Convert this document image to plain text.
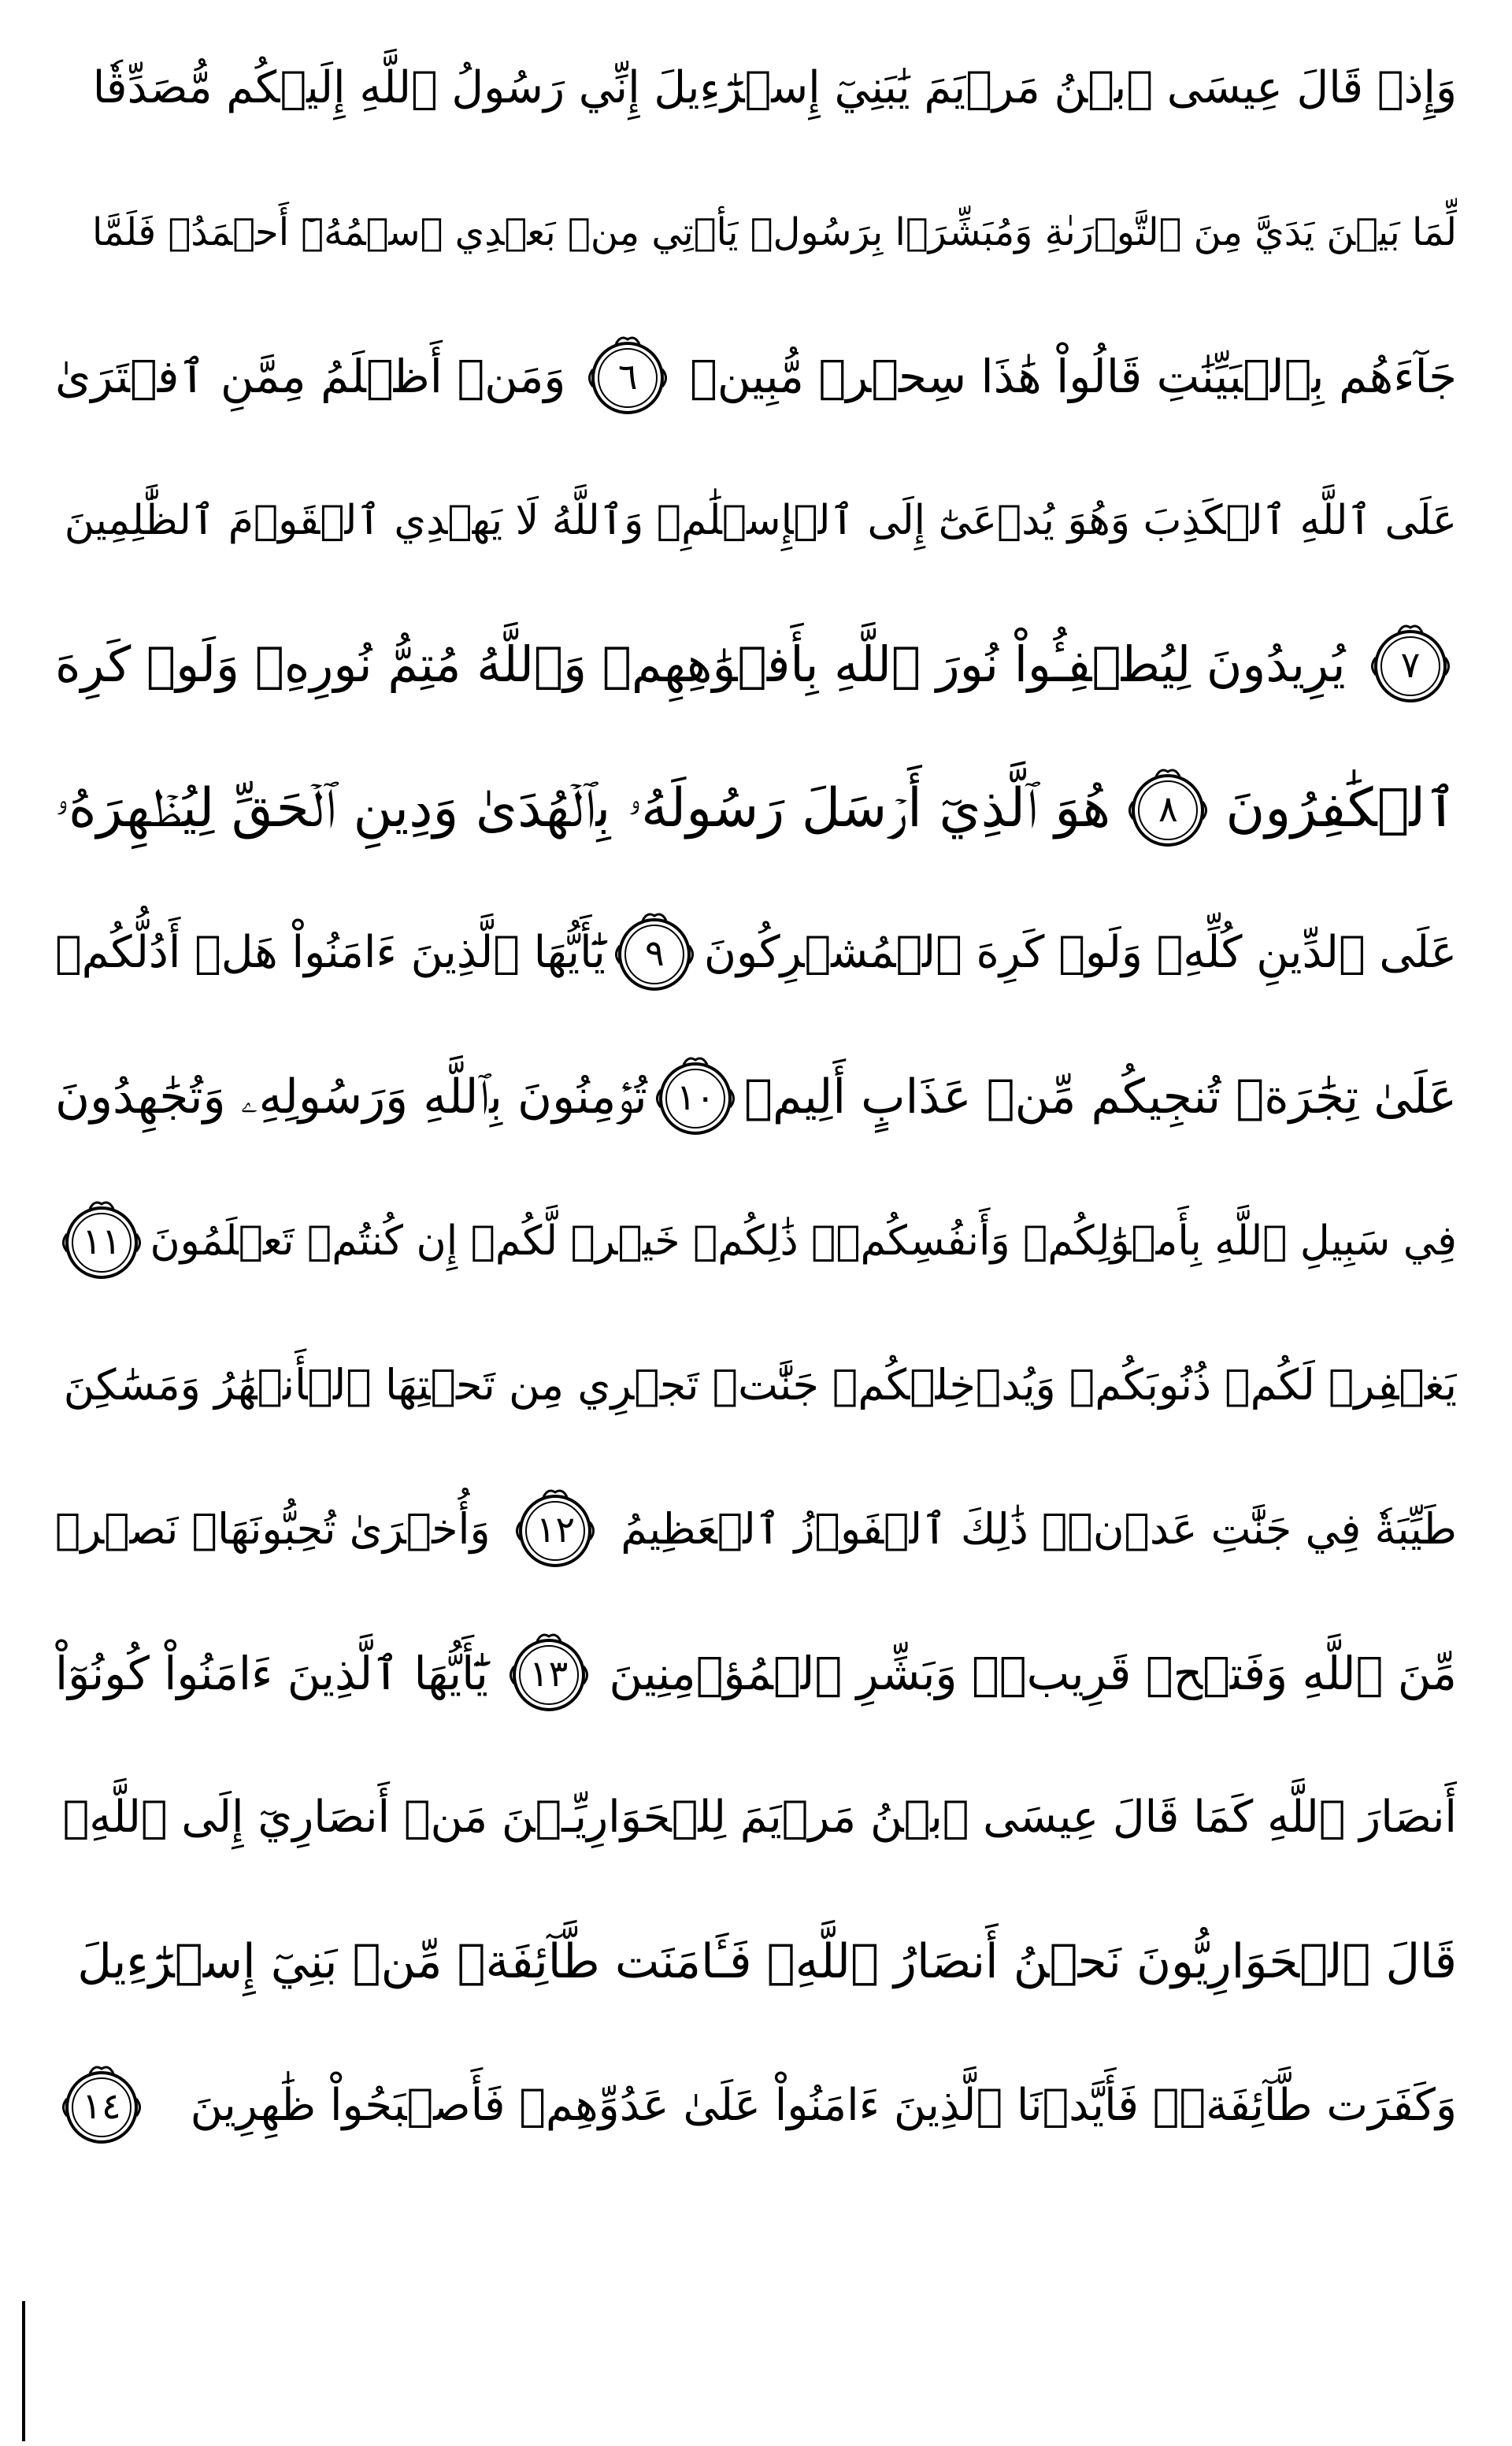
وَإِذۡ قَالَ عِيسَى ٱبۡنُ مَرۡيَمَ يَٰبَنِيٓ إِسۡرَٰٓءِيلَ إِنِّي رَسُولُ ٱللَّهِ إِلَيۡكُم مُّصَدِّقٗا
لِّمَا بَيۡنَ يَدَيَّ مِنَ ٱلتَّوۡرَىٰةِ وَمُبَشِّرَۢا بِرَسُولٖ يَأۡتِي مِنۢ بَعۡدِي ٱسۡمُهُۥٓ أَحۡمَدُۖ فَلَمَّا
جَآءَهُم بِٱلۡبَيِّنَٰتِ قَالُواْ هَٰذَا سِحۡرٞ مُّبِينٞ
٦
وَمَنۡ أَظۡلَمُ مِمَّنِ ٱفۡتَرَىٰ
عَلَى ٱللَّهِ ٱلۡكَذِبَ وَهُوَ يُدۡعَىٰٓ إِلَى ٱلۡإِسۡلَٰمِۚ وَٱللَّهُ لَا يَهۡدِي ٱلۡقَوۡمَ ٱلظَّٰلِمِينَ
٧
يُرِيدُونَ لِيُطۡفِـُٔواْ نُورَ ٱللَّهِ بِأَفۡوَٰهِهِمۡ وَٱللَّهُ مُتِمُّ نُورِهِۦ وَلَوۡ كَرِهَ
ٱلۡكَٰفِرُونَ
٨
هُوَ ٱلَّذِيٓ أَرۡسَلَ رَسُولَهُۥ بِٱلۡهُدَىٰ وَدِينِ ٱلۡحَقِّ لِيُظۡهِرَهُۥ
عَلَى ٱلدِّينِ كُلِّهِۦ وَلَوۡ كَرِهَ ٱلۡمُشۡرِكُونَ
٩
يَٰٓأَيُّهَا ٱلَّذِينَ ءَامَنُواْ هَلۡ أَدُلُّكُمۡ
عَلَىٰ تِجَٰرَةٖ تُنجِيكُم مِّنۡ عَذَابٍ أَلِيمٖ
١٠
تُؤۡمِنُونَ بِٱللَّهِ وَرَسُولِهِۦ وَتُجَٰهِدُونَ
فِي سَبِيلِ ٱللَّهِ بِأَمۡوَٰلِكُمۡ وَأَنفُسِكُمۡۚ ذَٰلِكُمۡ خَيۡرٞ لَّكُمۡ إِن كُنتُمۡ تَعۡلَمُونَ
١١
يَغۡفِرۡ لَكُمۡ ذُنُوبَكُمۡ وَيُدۡخِلۡكُمۡ جَنَّٰتٖ تَجۡرِي مِن تَحۡتِهَا ٱلۡأَنۡهَٰرُ وَمَسَٰكِنَ
طَيِّبَةٗ فِي جَنَّٰتِ عَدۡنٖۚ ذَٰلِكَ ٱلۡفَوۡزُ ٱلۡعَظِيمُ
١٢
وَأُخۡرَىٰ تُحِبُّونَهَاۖ نَصۡرٞ
مِّنَ ٱللَّهِ وَفَتۡحٞ قَرِيبٞۗ وَبَشِّرِ ٱلۡمُؤۡمِنِينَ
١٣
يَٰٓأَيُّهَا ٱلَّذِينَ ءَامَنُواْ كُونُوٓاْ
أَنصَارَ ٱللَّهِ كَمَا قَالَ عِيسَى ٱبۡنُ مَرۡيَمَ لِلۡحَوَارِيِّـۧنَ مَنۡ أَنصَارِيٓ إِلَى ٱللَّهِۖ
قَالَ ٱلۡحَوَارِيُّونَ نَحۡنُ أَنصَارُ ٱللَّهِۖ فَـَٔامَنَت طَّآئِفَةٞ مِّنۢ بَنِيٓ إِسۡرَٰٓءِيلَ
وَكَفَرَت طَّآئِفَةٞۖ فَأَيَّدۡنَا ٱلَّذِينَ ءَامَنُواْ عَلَىٰ عَدُوِّهِمۡ فَأَصۡبَحُواْ ظَٰهِرِينَ
١٤
